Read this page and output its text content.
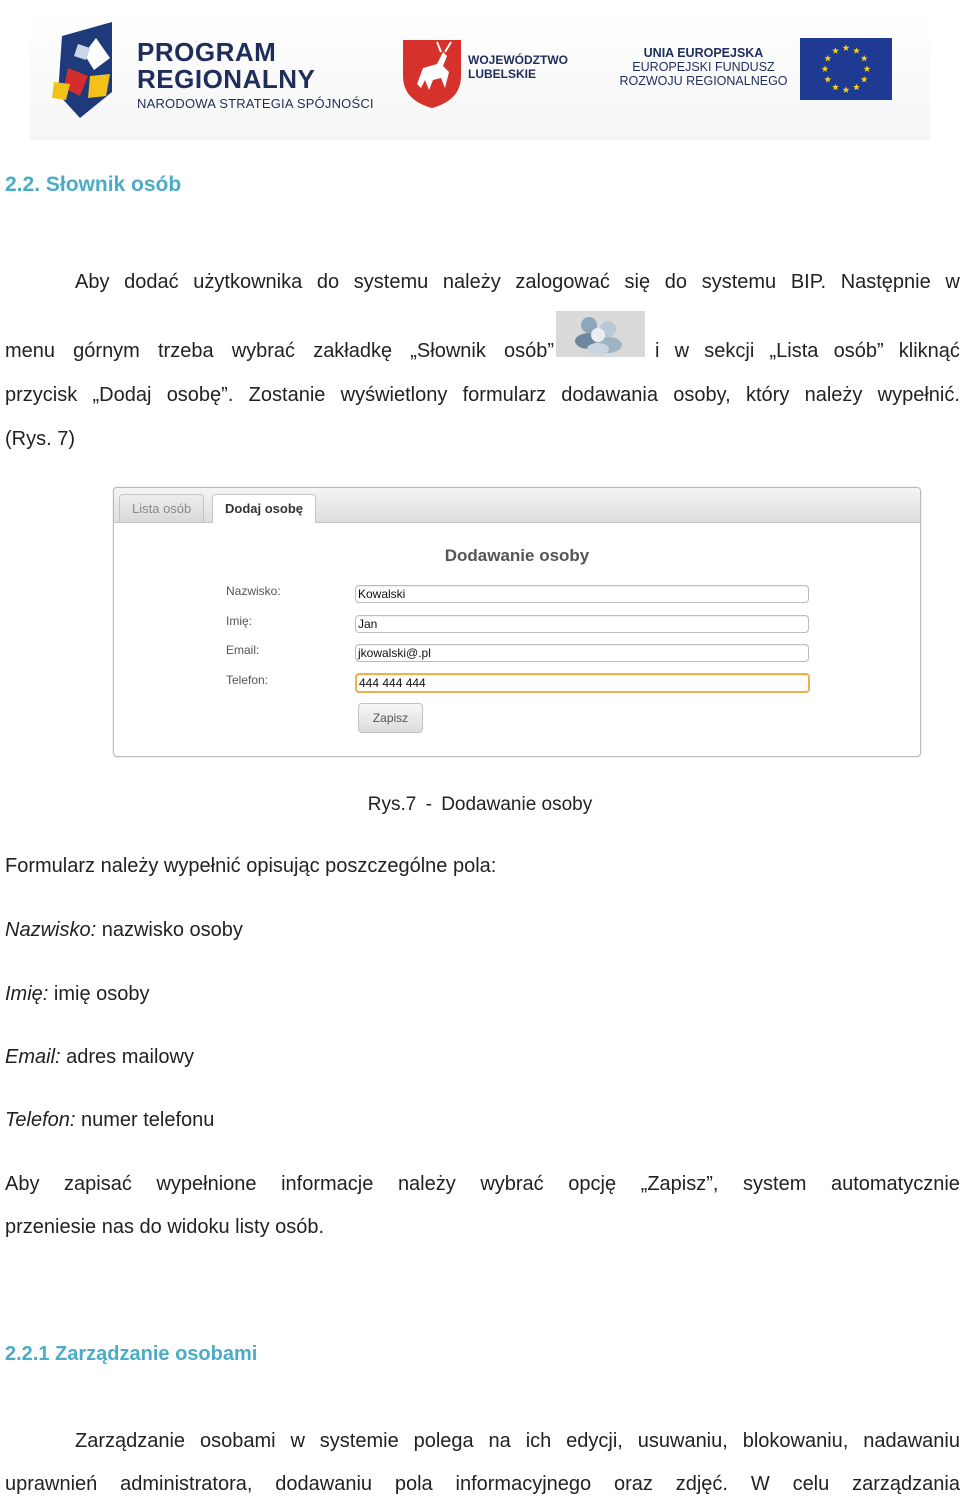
PROGRAM
REGIONALNY
NARODOWA STRATEGIA SPÓJNOŚCI
WOJEWÓDZTWO
LUBELSKIE
UNIA EUROPEJSKA
EUROPEJSKI FUNDUSZ
ROZWOJU REGIONALNEGO
2.2. Słownik osób
Aby dodać użytkownika do systemu należy zalogować się do systemu BIP. Następnie w
menu górnym trzeba wybrać zakładkę „Słownik osób”	i w sekcji „Lista osób” kliknąć
przycisk „Dodaj osobę”. Zostanie wyświetlony formularz dodawania osoby, który należy wypełnić.
(Rys. 7)
Lista osób	Dodaj osobę
Dodawanie osoby
Nazwisko:	Kowalski
Imię:	Jan
Email:	jkowalski@.pl
Telefon:	444 444 444
Zapisz
Rys.7 - Dodawanie osoby
Formularz należy wypełnić opisując poszczególne pola:
Nazwisko: nazwisko osoby
Imię: imię osoby
Email: adres mailowy
Telefon: numer telefonu
Aby zapisać wypełnione informacje należy wybrać opcję „Zapisz”, system automatycznie
przeniesie nas do widoku listy osób.
2.2.1 Zarządzanie osobami
Zarządzanie osobami w systemie polega na ich edycji, usuwaniu, blokowaniu, nadawaniu
uprawnień administratora, dodawaniu pola informacyjnego oraz zdjęć. W celu zarządzania
